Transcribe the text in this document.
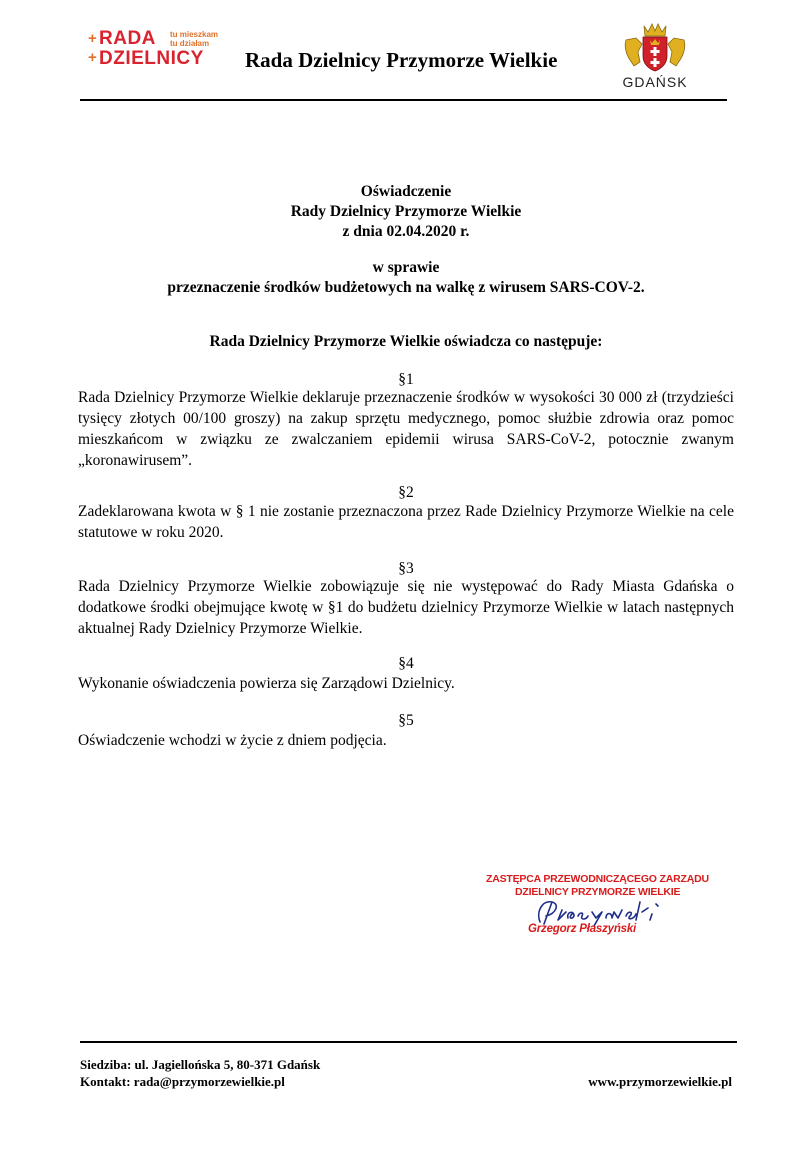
+
+
RADA
DZIELNICY
tu mieszkam
tu działam
Rada Dzielnicy Przymorze Wielkie
GDAŃSK
Oświadczenie
Rady Dzielnicy Przymorze Wielkie
z dnia 02.04.2020 r.
w sprawie
przeznaczenie środków budżetowych na walkę z wirusem SARS-COV-2.
Rada Dzielnicy Przymorze Wielkie oświadcza co następuje:
§1
Rada Dzielnicy Przymorze Wielkie deklaruje przeznaczenie środków w wysokości 30 000 zł (trzydzieści tysięcy złotych 00/100 groszy) na zakup sprzętu medycznego, pomoc służbie zdrowia oraz pomoc mieszkańcom w związku ze zwalczaniem epidemii wirusa SARS-CoV-2, potocznie zwanym „koronawirusem”.
§2
Zadeklarowana kwota w § 1 nie zostanie przeznaczona przez Rade Dzielnicy Przymorze Wielkie na cele statutowe w roku 2020.
§3
Rada Dzielnicy Przymorze Wielkie zobowiązuje się nie występować do Rady Miasta Gdańska o dodatkowe środki obejmujące kwotę w §1 do budżetu dzielnicy Przymorze Wielkie w latach następnych aktualnej Rady Dzielnicy Przymorze Wielkie.
§4
Wykonanie oświadczenia powierza się Zarządowi Dzielnicy.
§5
Oświadczenie wchodzi w życie z dniem podjęcia.
ZASTĘPCA PRZEWODNICZĄCEGO ZARZĄDU
DZIELNICY PRZYMORZE WIELKIE
Grzegorz Płaszyński
Siedziba: ul. Jagiellońska 5, 80-371 Gdańsk
Kontakt: rada@przymorzewielkie.pl	www.przymorzewielkie.pl
